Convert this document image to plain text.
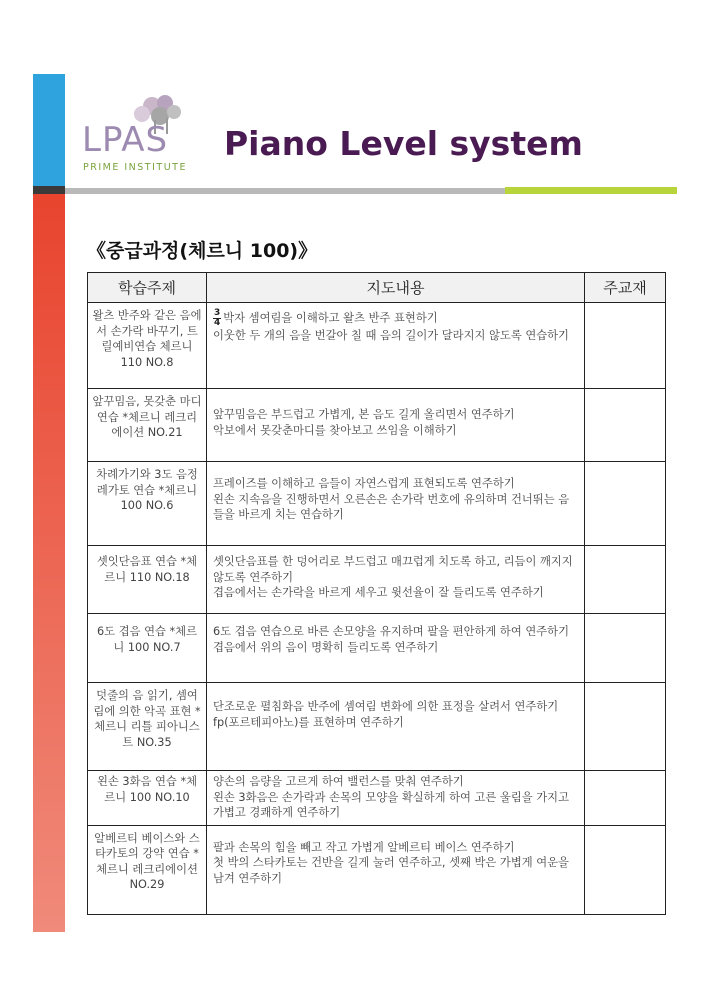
LPAS
PRIME INSTITUTE
Piano Level system
《중급과정(체르니 100)》
학습주제	지도내용	주교재
왈츠 반주와 같은 음에서 손가락 바꾸기, 트릴예비연습 체르니 110 NO.8	$\frac{3}{4}$ 박자 셈여림을 이해하고 왈츠 반주 표현하기
이웃한 두 개의 음을 번갈아 칠 때 음의 길이가 달라지지 않도록 연습하기	

앞꾸밈음, 못갖춘 마디 연습 *체르니 레크리에이션 NO.21	앞꾸밈음은 부드럽고 가볍게, 본 음도 길게 올리면서 연주하기
악보에서 못갖춘마디를 찾아보고 쓰임을 이해하기	

차례가기와 3도 음정 레가토 연습 *체르니 100 NO.6	프레이즈를 이해하고 음들이 자연스럽게 표현되도록 연주하기
왼손 지속음을 진행하면서 오른손은 손가락 번호에 유의하며 건너뛰는 음들을 바르게 치는 연습하기	

셋잇단음표 연습 *체르니 110 NO.18	셋잇단음표를 한 덩어리로 부드럽고 매끄럽게 치도록 하고, 리듬이 깨지지 않도록 연주하기
겹음에서는 손가락을 바르게 세우고 윗선율이 잘 들리도록 연주하기	

6도 겹음 연습 *체르니 100 NO.7	6도 겹음 연습으로 바른 손모양을 유지하며 팔을 편안하게 하여 연주하기
겹음에서 위의 음이 명확히 들리도록 연주하기	

덧줄의 음 읽기, 셈여림에 의한 악곡 표현 *체르니 리틀 피아니스트 NO.35	단조로운 펼침화음 반주에 셈여림 변화에 의한 표정을 살려서 연주하기
fp(포르테피아노)를 표현하며 연주하기	

왼손 3화음 연습 *체르니 100 NO.10	양손의 음량을 고르게 하여 밸런스를 맞춰 연주하기
왼손 3화음은 손가락과 손목의 모양을 확실하게 하여 고른 울림을 가지고 가볍고 경쾌하게 연주하기	

알베르티 베이스와 스타카토의 강약 연습 *체르니 레크리에이션 NO.29	팔과 손목의 힘을 빼고 작고 가볍게 알베르티 베이스 연주하기
첫 박의 스타카토는 건반을 길게 눌러 연주하고, 셋째 박은 가볍게 여운을 남겨 연주하기	
